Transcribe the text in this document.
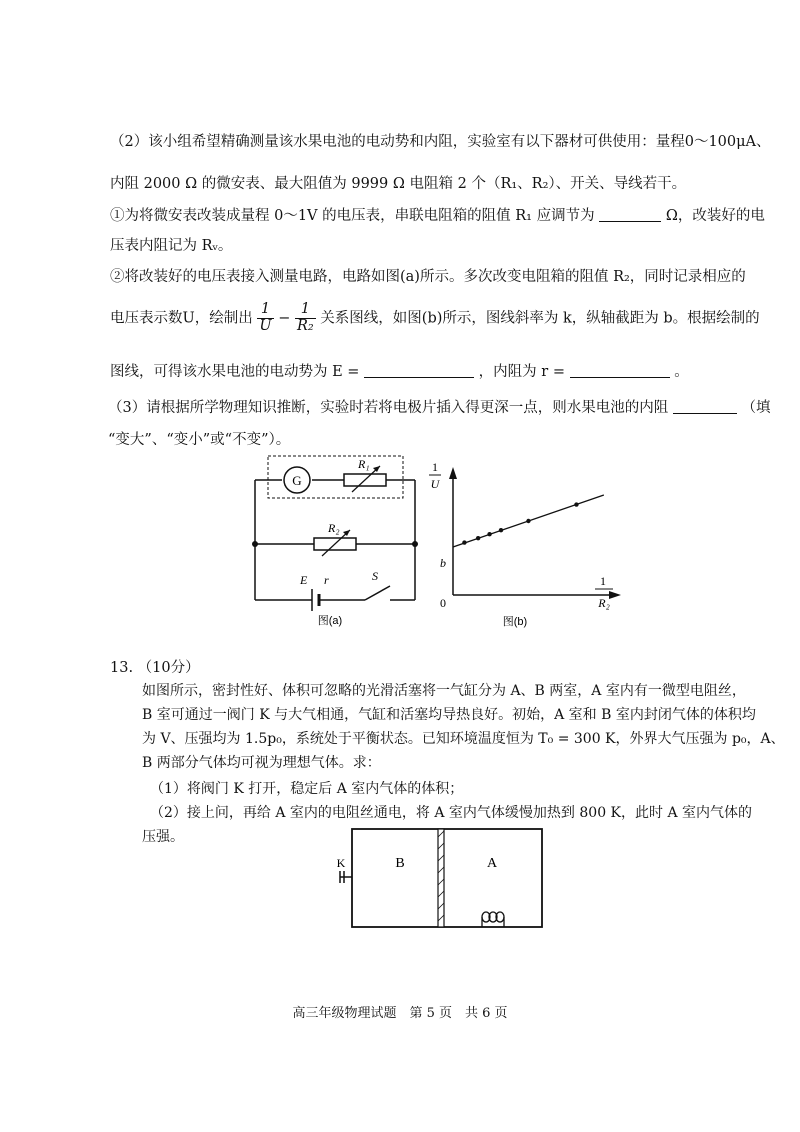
（2）该小组希望精确测量该水果电池的电动势和内阻，实验室有以下器材可供使用：量程0～100μA、
内阻 2000 Ω 的微安表、最大阻值为 9999 Ω 电阻箱 2 个（R₁、R₂）、开关、导线若干。
①为将微安表改装成量程 0～1V 的电压表，串联电阻箱的阻值 R₁ 应调节为	Ω，改装好的电
压表内阻记为 Rᵥ。
②将改装好的电压表接入测量电路，电路如图(a)所示。多次改变电阻箱的阻值 R₂，同时记录相应的
电压表示数U，绘制出 $\frac{1}{U} - \frac{1}{\text{R₂}}$ 关系图线，如图(b)所示，图线斜率为 k，纵轴截距为 b。根据绘制的
图线，可得该水果电池的电动势为 E =	，内阻为 r =	。
（3）请根据所学物理知识推断，实验时若将电极片插入得更深一点，则水果电池的内阻	（填
“变大”、“变小”或“不变”）。
G
R₁
R₂
E r	S
图(a)
1
U
1
R₂
0
b
图(b)
13. （10分）
如图所示，密封性好、体积可忽略的光滑活塞将一气缸分为 A、B 两室，A 室内有一微型电阻丝，
B 室可通过一阀门 K 与大气相通，气缸和活塞均导热良好。初始，A 室和 B 室内封闭气体的体积均
为 V、压强均为 1.5p₀，系统处于平衡状态。已知环境温度恒为 T₀ = 300 K，外界大气压强为 p₀，A、
B 两部分气体均可视为理想气体。求：
（1）将阀门 K 打开，稳定后 A 室内气体的体积；
（2）接上问，再给 A 室内的电阻丝通电，将 A 室内气体缓慢加热到 800 K，此时 A 室内气体的
压强。
K	B	A
高三年级物理试题　第 5 页　共 6 页
